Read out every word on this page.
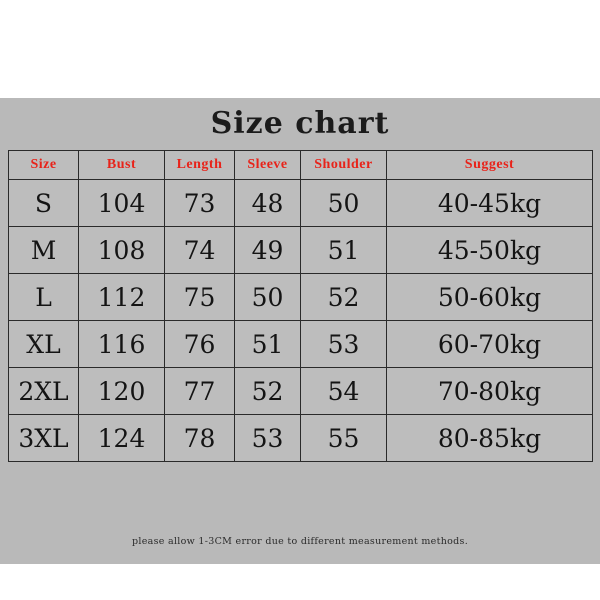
Size chart
Size	Bust	Length	Sleeve	Shoulder	Suggest
S	104	73	48	50	40-45kg
M	108	74	49	51	45-50kg
L	112	75	50	52	50-60kg
XL	116	76	51	53	60-70kg
2XL	120	77	52	54	70-80kg
3XL	124	78	53	55	80-85kg
please allow 1-3CM error due to different measurement methods.
